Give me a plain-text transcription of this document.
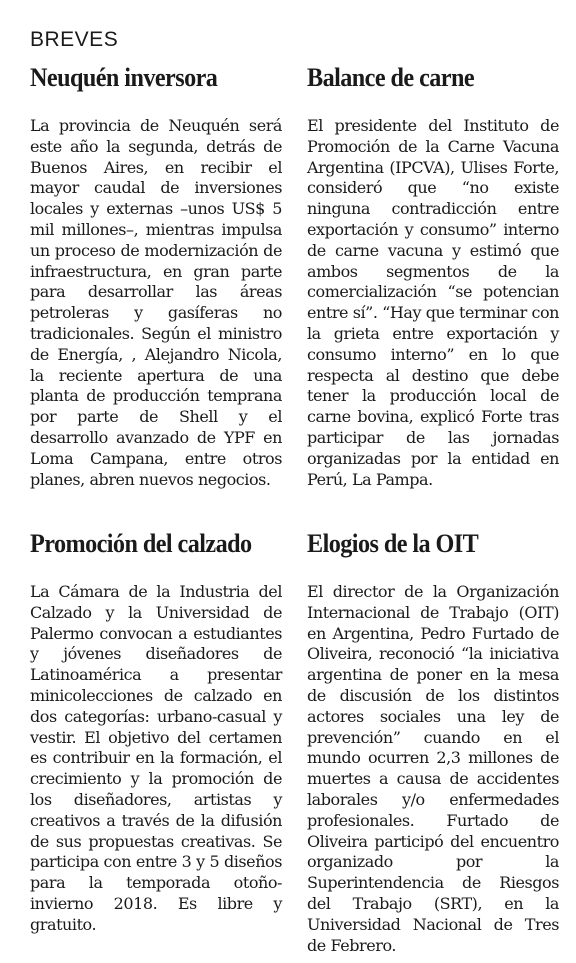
BREVES
Neuquén inversora

La provincia de Neuquén será este año la segunda, detrás de Buenos Aires, en recibir el mayor caudal de inversiones locales y externas –unos US$ 5 mil millones–, mientras impulsa un proceso de modernización de infraestructura, en gran parte para desarrollar las áreas petroleras y gasíferas no tradicionales. Según el ministro de Energía, , Alejandro Nicola, la reciente apertura de una planta de producción temprana por parte de Shell y el desarrollo avanzado de YPF en Loma Campana, entre otros planes, abren nuevos negocios.

Balance de carne

El presidente del Instituto de Promoción de la Carne Vacuna Argentina (IPCVA), Ulises Forte, consideró que “no existe ninguna contradicción entre exportación y consumo” interno de carne vacuna y estimó que ambos segmentos de la comercialización “se potencian entre sí”. “Hay que terminar con la grieta entre exportación y consumo interno” en lo que respecta al destino que debe tener la producción local de carne bovina, explicó Forte tras participar de las jornadas organizadas por la entidad en Perú, La Pampa.

Promoción del calzado

La Cámara de la Industria del Calzado y la Universidad de Palermo convocan a estudiantes y jóvenes diseñadores de Latinoamérica a presentar minicolecciones de calzado en dos categorías: urbano-casual y vestir. El objetivo del certamen es contribuir en la formación, el crecimiento y la promoción de los diseñadores, artistas y creativos a través de la difusión de sus propuestas creativas. Se participa con entre 3 y 5 diseños para la temporada otoño-invierno 2018. Es libre y gratuito.

Elogios de la OIT

El director de la Organización Internacional de Trabajo (OIT) en Argentina, Pedro Furtado de Oliveira, reconoció “la iniciativa argentina de poner en la mesa de discusión de los distintos actores sociales una ley de prevención” cuando en el mundo ocurren 2,3 millones de muertes a causa de accidentes laborales y/o enfermedades profesionales. Furtado de Oliveira participó del encuentro organizado por la Superintendencia de Riesgos del Trabajo (SRT), en la Universidad Nacional de Tres de Febrero.
